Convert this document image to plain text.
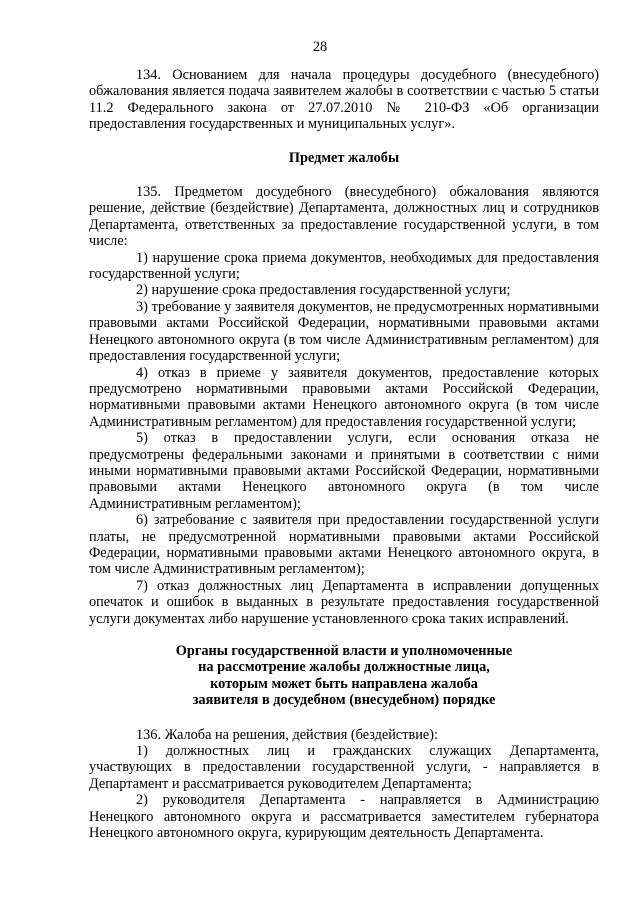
28

134. Основанием для начала процедуры досудебного (внесудебного) обжалования является подача заявителем жалобы в соответствии с частью 5 статьи 11.2 Федерального закона от 27.07.2010 № 210-ФЗ «Об организации предоставления государственных и муниципальных услуг».

Предмет жалобы

135. Предметом досудебного (внесудебного) обжалования являются решение, действие (бездействие) Департамента, должностных лиц и сотрудников Департамента, ответственных за предоставление государственной услуги, в том числе:

1) нарушение срока приема документов, необходимых для предоставления государственной услуги;

2) нарушение срока предоставления государственной услуги;

3) требование у заявителя документов, не предусмотренных нормативными правовыми актами Российской Федерации, нормативными правовыми актами Ненецкого автономного округа (в том числе Административным регламентом) для предоставления государственной услуги;

4) отказ в приеме у заявителя документов, предоставление которых предусмотрено нормативными правовыми актами Российской Федерации, нормативными правовыми актами Ненецкого автономного округа (в том числе Административным регламентом) для предоставления государственной услуги;

5) отказ в предоставлении услуги, если основания отказа не предусмотрены федеральными законами и принятыми в соответствии с ними иными нормативными правовыми актами Российской Федерации, нормативными правовыми актами Ненецкого автономного округа (в том числе Административным регламентом);

6) затребование с заявителя при предоставлении государственной услуги платы, не предусмотренной нормативными правовыми актами Российской Федерации, нормативными правовыми актами Ненецкого автономного округа, в том числе Административным регламентом);

7) отказ должностных лиц Департамента в исправлении допущенных опечаток и ошибок в выданных в результате предоставления государственной услуги документах либо нарушение установленного срока таких исправлений.

Органы государственной власти и уполномоченные
на рассмотрение жалобы должностные лица,
которым может быть направлена жалоба
заявителя в досудебном (внесудебном) порядке

136. Жалоба на решения, действия (бездействие):

1) должностных лиц и гражданских служащих Департамента, участвующих в предоставлении государственной услуги, - направляется в Департамент и рассматривается руководителем Департамента;

2) руководителя Департамента - направляется в Администрацию Ненецкого автономного округа и рассматривается заместителем губернатора Ненецкого автономного округа, курирующим деятельность Департамента.
